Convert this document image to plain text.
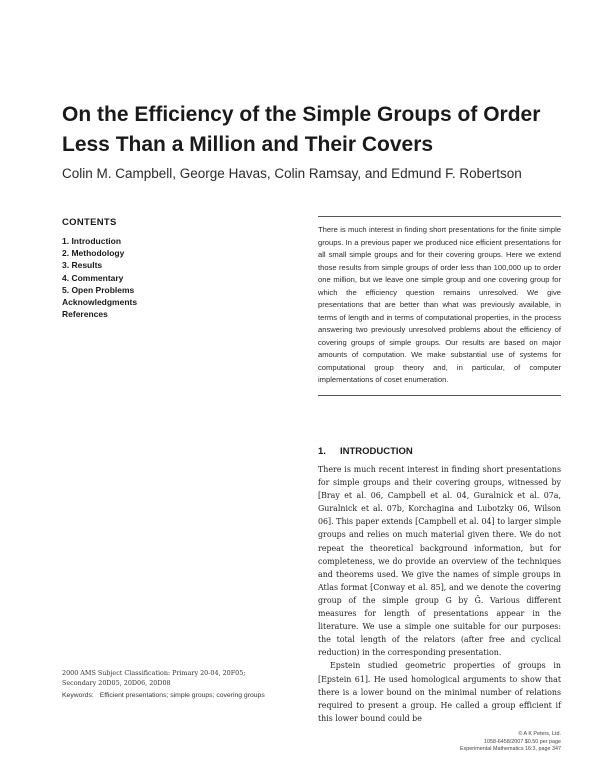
On the Efficiency of the Simple Groups of Order Less Than a Million and Their Covers
Colin M. Campbell, George Havas, Colin Ramsay, and Edmund F. Robertson
CONTENTS
1. Introduction
2. Methodology
3. Results
4. Commentary
5. Open Problems
Acknowledgments
References

There is much interest in finding short presentations for the finite simple groups. In a previous paper we produced nice efficient presentations for all small simple groups and for their covering groups. Here we extend those results from simple groups of order less than 100,000 up to order one million, but we leave one simple group and one covering group for which the efficiency question remains unresolved. We give presentations that are better than what was previously available, in terms of length and in terms of computational properties, in the process answering two previously unresolved problems about the efficiency of covering groups of simple groups. Our results are based on major amounts of computation. We make substantial use of systems for computational group theory and, in particular, of computer implementations of coset enumeration.

1. INTRODUCTION

There is much recent interest in finding short presentations for simple groups and their covering groups, witnessed by [Bray et al. 06, Campbell et al. 04, Guralnick et al. 07a, Guralnick et al. 07b, Korchagina and Lubotzky 06, Wilson 06]. This paper extends [Campbell et al. 04] to larger simple groups and relies on much material given there. We do not repeat the theoretical background information, but for completeness, we do provide an overview of the techniques and theorems used. We give the names of simple groups in Atlas format [Conway et al. 85], and we denote the covering group of the simple group G by Ĝ. Various different measures for length of presentations appear in the literature. We use a simple one suitable for our purposes: the total length of the relators (after free and cyclical reduction) in the corresponding presentation.

Epstein studied geometric properties of groups in [Epstein 61]. He used homological arguments to show that there is a lower bound on the minimal number of relations required to present a group. He called a group efficient if this lower bound could be

2000 AMS Subject Classification: Primary 20-04, 20F05;
Secondary 20D05, 20D06, 20D08
Keywords: Efficient presentations; simple groups; covering groups
© A K Peters, Ltd.
1058-6458/2007 $0.50 per page
Experimental Mathematics 16:3, page 347
